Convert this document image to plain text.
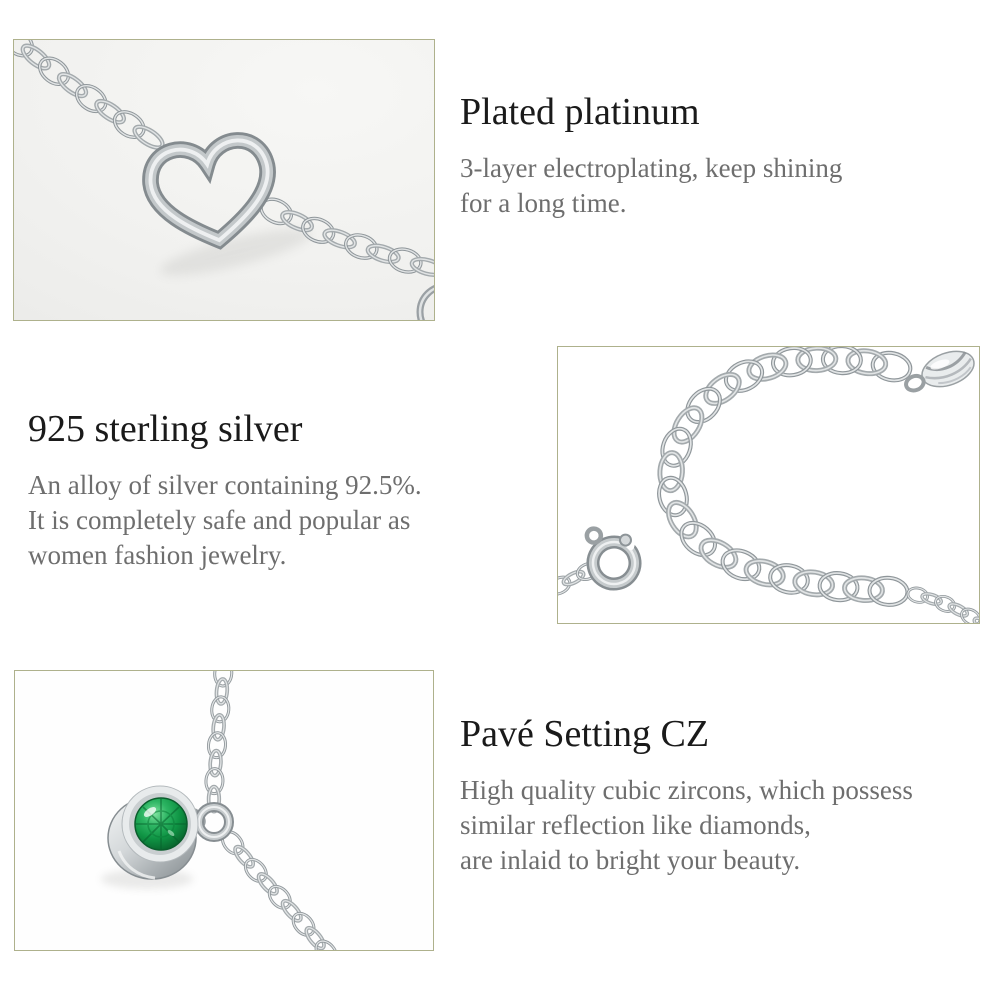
Plated platinum
3-layer electroplating, keep shining
for a long time.
925 sterling silver
An alloy of silver containing 92.5%.
It is completely safe and popular as
women fashion jewelry.
Pavé Setting CZ
High quality cubic zircons, which possess
similar reflection like diamonds,
are inlaid to bright your beauty.
